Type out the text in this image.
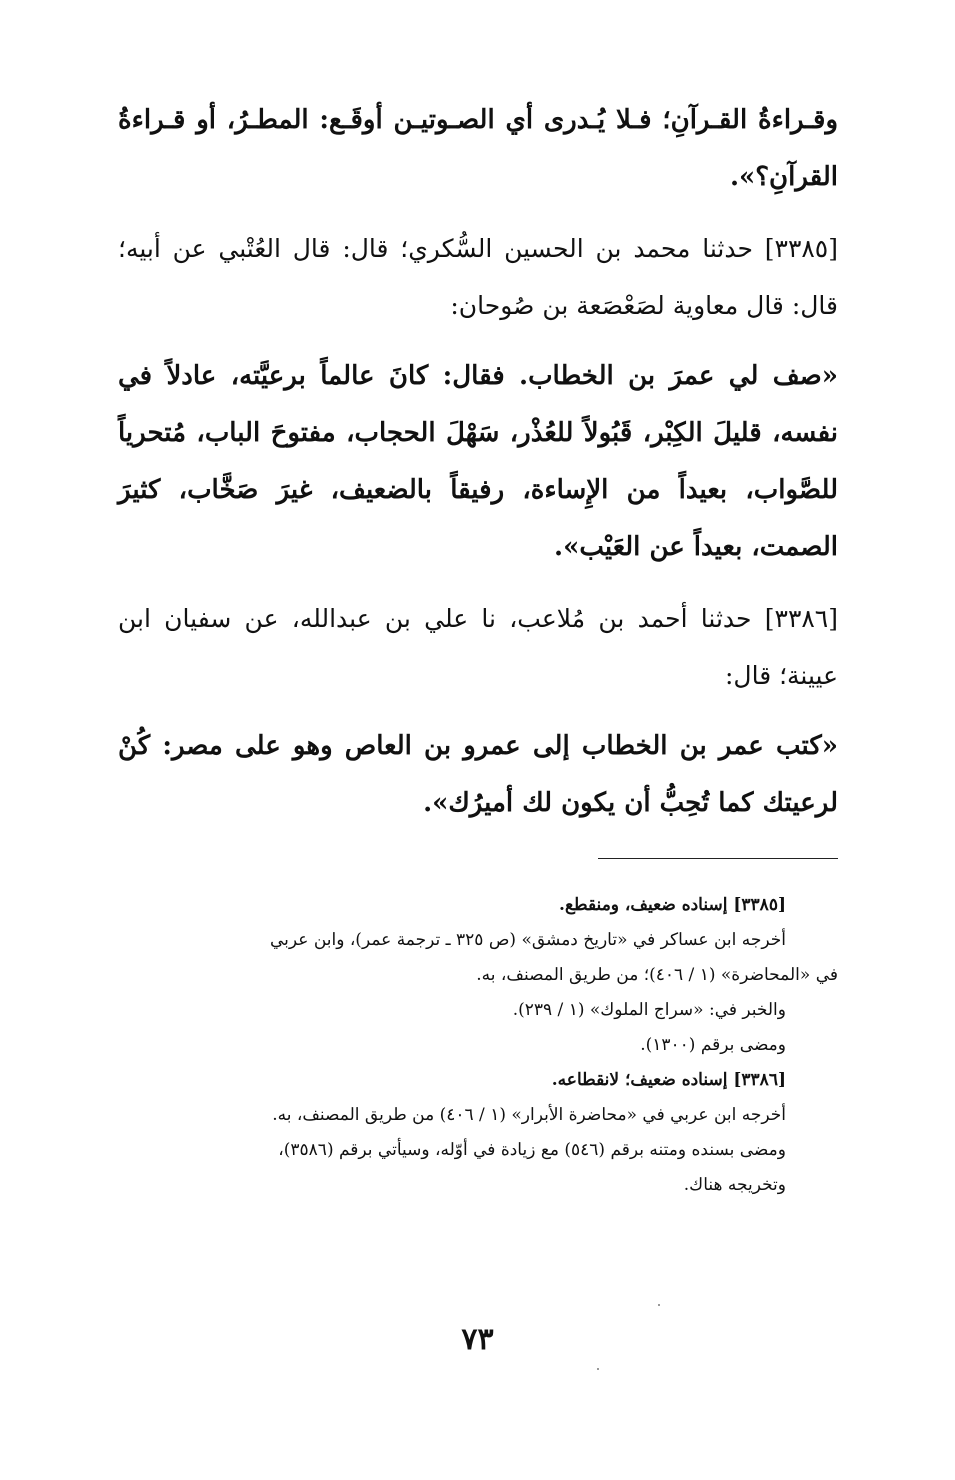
وقـراءةُ القـرآنِ؛ فـلا يُـدرى أي الصـوتيـن أوقَـع: المطـرُ، أو قـراءةُ القرآنِ؟».

[٣٣٨٥] حدثنا محمد بن الحسين السُّكري؛ قال: قال العُتْبي عن أبيه؛ قال: قال معاوية لصَعْصَعة بن صُوحان:

«صف لي عمرَ بن الخطاب. فقال: كانَ عالماً برعيَّته، عادلاً في نفسه، قليلَ الكِبْر، قَبُولاً للعُذْر، سَهْلَ الحجاب، مفتوحَ الباب، مُتحرياً للصَّواب، بعيداً من الإِساءة، رفيقاً بالضعيف، غيرَ صَخَّاب، كثيرَ الصمت، بعيداً عن العَيْب».

[٣٣٨٦] حدثنا أحمد بن مُلاعب، نا علي بن عبدالله، عن سفيان ابن عيينة؛ قال:

«كتب عمر بن الخطاب إلى عمرو بن العاص وهو على مصر: كُنْ لرعيتك كما تُحِبُّ أن يكون لك أميرُك».

[٣٣٨٥] إسناده ضعيف، ومنقطع.

أخرجه ابن عساكر في «تاريخ دمشق» (ص ٣٢٥ ـ ترجمة عمر)، وابن عربي

في «المحاضرة» (١ / ٤٠٦)؛ من طريق المصنف، به.

والخبر في: «سراج الملوك» (١ / ٢٣٩).

ومضى برقم (١٣٠٠).

[٣٣٨٦] إسناده ضعيف؛ لانقطاعه.

أخرجه ابن عربي في «محاضرة الأبرار» (١ / ٤٠٦) من طريق المصنف، به.

ومضى بسنده ومتنه برقم (٥٤٦) مع زيادة في أوّله، وسيأتي برقم (٣٥٨٦)،

وتخريجه هناك.

٧٣
